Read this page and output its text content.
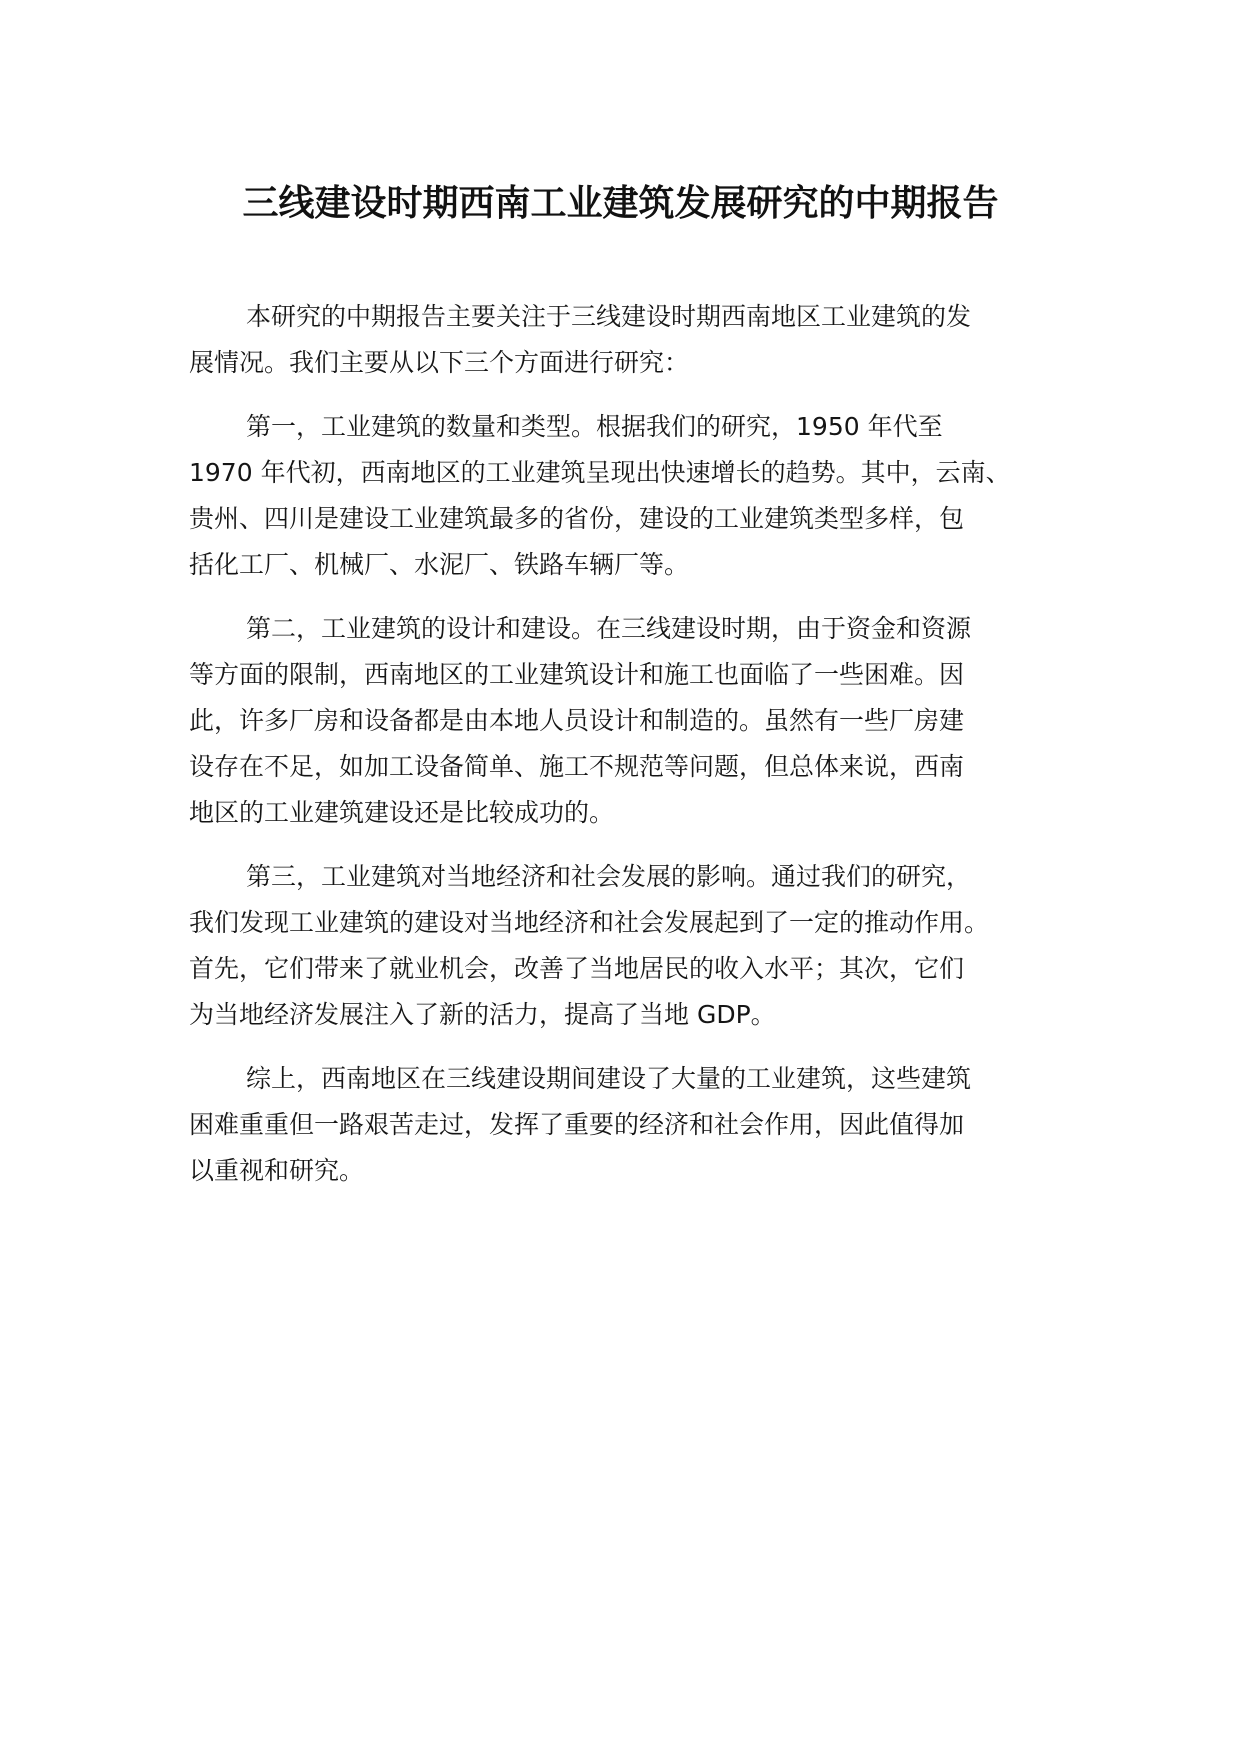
三线建设时期西南工业建筑发展研究的中期报告

本研究的中期报告主要关注于三线建设时期西南地区工业建筑的发
展情况。我们主要从以下三个方面进行研究：

第一，工业建筑的数量和类型。根据我们的研究，1950 年代至
1970 年代初，西南地区的工业建筑呈现出快速增长的趋势。其中，云南、
贵州、四川是建设工业建筑最多的省份，建设的工业建筑类型多样，包
括化工厂、机械厂、水泥厂、铁路车辆厂等。

第二，工业建筑的设计和建设。在三线建设时期，由于资金和资源
等方面的限制，西南地区的工业建筑设计和施工也面临了一些困难。因
此，许多厂房和设备都是由本地人员设计和制造的。虽然有一些厂房建
设存在不足，如加工设备简单、施工不规范等问题，但总体来说，西南
地区的工业建筑建设还是比较成功的。

第三，工业建筑对当地经济和社会发展的影响。通过我们的研究，
我们发现工业建筑的建设对当地经济和社会发展起到了一定的推动作用。
首先，它们带来了就业机会，改善了当地居民的收入水平；其次，它们
为当地经济发展注入了新的活力，提高了当地 GDP。

综上，西南地区在三线建设期间建设了大量的工业建筑，这些建筑
困难重重但一路艰苦走过，发挥了重要的经济和社会作用，因此值得加
以重视和研究。
